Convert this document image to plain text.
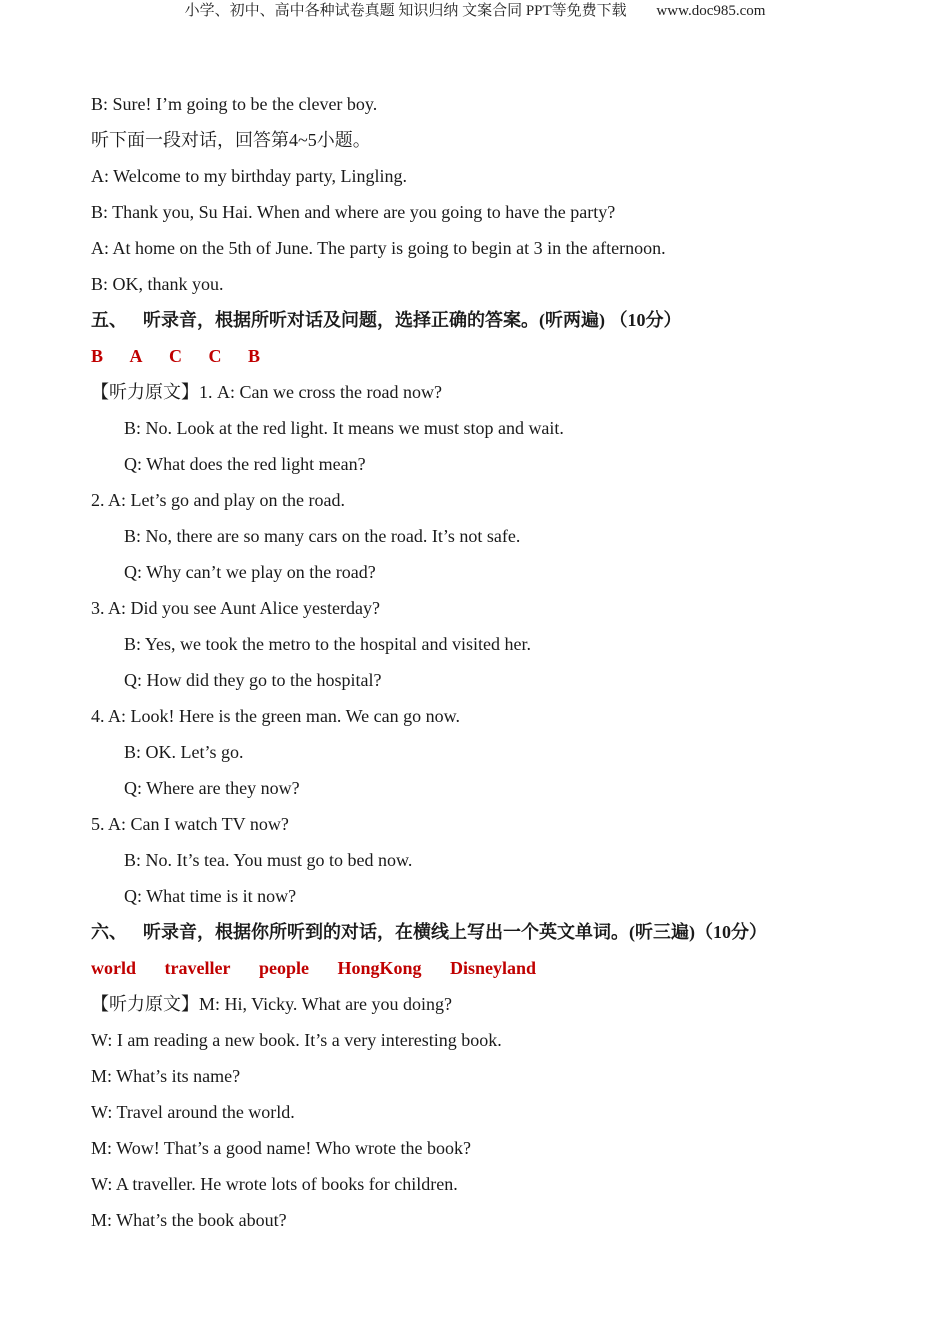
小学、初中、高中各种试卷真题 知识归纳 文案合同 PPT等免费下载 www.doc985.com
B: Sure! I’m going to be the clever boy.
听下面一段对话，回答第4~5小题。
A: Welcome to my birthday party, Lingling.
B: Thank you, Su Hai. When and where are you going to have the party?
A: At home on the 5th of June. The party is going to begin at 3 in the afternoon.
B: OK, thank you.
五、 听录音，根据所听对话及问题，选择正确的答案。(听两遍) （10分）
B A C C B
【听力原文】1. A: Can we cross the road now?
B: No. Look at the red light. It means we must stop and wait.
Q: What does the red light mean?
2. A: Let’s go and play on the road.
B: No, there are so many cars on the road. It’s not safe.
Q: Why can’t we play on the road?
3. A: Did you see Aunt Alice yesterday?
B: Yes, we took the metro to the hospital and visited her.
Q: How did they go to the hospital?
4. A: Look! Here is the green man. We can go now.
B: OK. Let’s go.
Q: Where are they now?
5. A: Can I watch TV now?
B: No. It’s tea. You must go to bed now.
Q: What time is it now?
六、 听录音，根据你所听到的对话，在横线上写出一个英文单词。(听三遍)（10分）
world traveller people HongKong Disneyland
【听力原文】M: Hi, Vicky. What are you doing?
W: I am reading a new book. It’s a very interesting book.
M: What’s its name?
W: Travel around the world.
M: Wow! That’s a good name! Who wrote the book?
W: A traveller. He wrote lots of books for children.
M: What’s the book about?
